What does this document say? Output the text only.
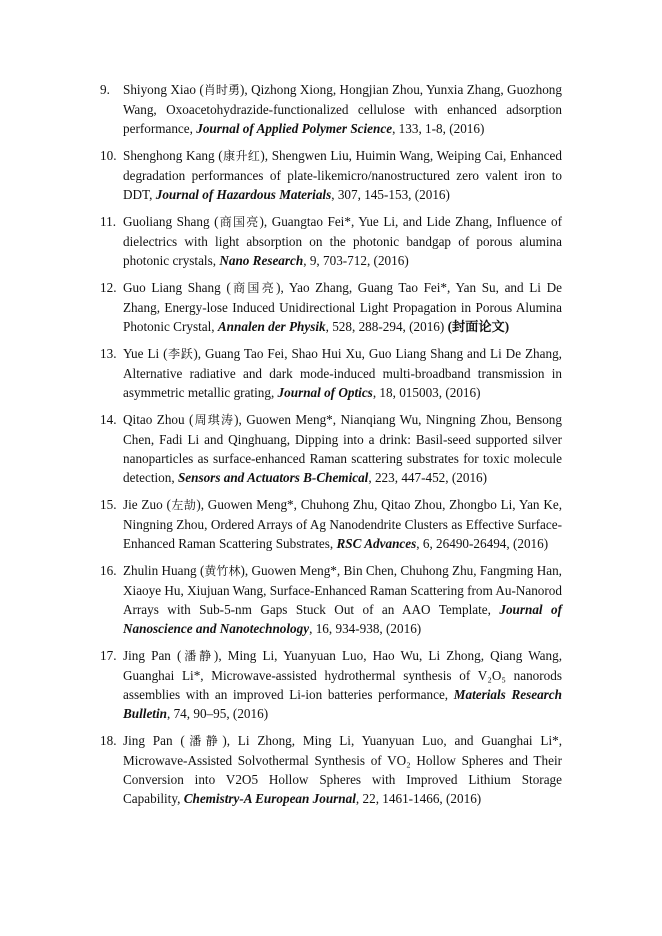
9. Shiyong Xiao (肖时勇), Qizhong Xiong, Hongjian Zhou, Yunxia Zhang, Guozhong Wang, Oxoacetohydrazide-functionalized cellulose with enhanced adsorption performance, Journal of Applied Polymer Science, 133, 1-8, (2016)
10. Shenghong Kang (康升红), Shengwen Liu, Huimin Wang, Weiping Cai, Enhanced degradation performances of plate-likemicro/nanostructured zero valent iron to DDT, Journal of Hazardous Materials, 307, 145-153, (2016)
11. Guoliang Shang (商国亮), Guangtao Fei*, Yue Li, and Lide Zhang, Influence of dielectrics with light absorption on the photonic bandgap of porous alumina photonic crystals, Nano Research, 9, 703-712, (2016)
12. Guo Liang Shang (商国亮), Yao Zhang, Guang Tao Fei*, Yan Su, and Li De Zhang, Energy-lose Induced Unidirectional Light Propagation in Porous Alumina Photonic Crystal, Annalen der Physik, 528, 288-294, (2016) (封面论文)
13. Yue Li (李跃), Guang Tao Fei, Shao Hui Xu, Guo Liang Shang and Li De Zhang, Alternative radiative and dark mode-induced multi-broadband transmission in asymmetric metallic grating, Journal of Optics, 18, 015003, (2016)
14. Qitao Zhou (周琪涛), Guowen Meng*, Nianqiang Wu, Ningning Zhou, Bensong Chen, Fadi Li and Qinghuang, Dipping into a drink: Basil-seed supported silver nanoparticles as surface-enhanced Raman scattering substrates for toxic molecule detection, Sensors and Actuators B-Chemical, 223, 447-452, (2016)
15. Jie Zuo (左劼), Guowen Meng*, Chuhong Zhu, Qitao Zhou, Zhongbo Li, Yan Ke, Ningning Zhou, Ordered Arrays of Ag Nanodendrite Clusters as Effective Surface-Enhanced Raman Scattering Substrates, RSC Advances, 6, 26490-26494, (2016)
16. Zhulin Huang (黄竹林), Guowen Meng*, Bin Chen, Chuhong Zhu, Fangming Han, Xiaoye Hu, Xiujuan Wang, Surface-Enhanced Raman Scattering from Au-Nanorod Arrays with Sub-5-nm Gaps Stuck Out of an AAO Template, Journal of Nanoscience and Nanotechnology, 16, 934-938, (2016)
17. Jing Pan (潘静), Ming Li, Yuanyuan Luo, Hao Wu, Li Zhong, Qiang Wang, Guanghai Li*, Microwave-assisted hydrothermal synthesis of V₂O₅ nanorods assemblies with an improved Li-ion batteries performance, Materials Research Bulletin, 74, 90–95, (2016)
18. Jing Pan (潘静), Li Zhong, Ming Li, Yuanyuan Luo, and Guanghai Li*, Microwave-Assisted Solvothermal Synthesis of VO₂ Hollow Spheres and Their Conversion into V2O5 Hollow Spheres with Improved Lithium Storage Capability, Chemistry-A European Journal, 22, 1461-1466, (2016)
